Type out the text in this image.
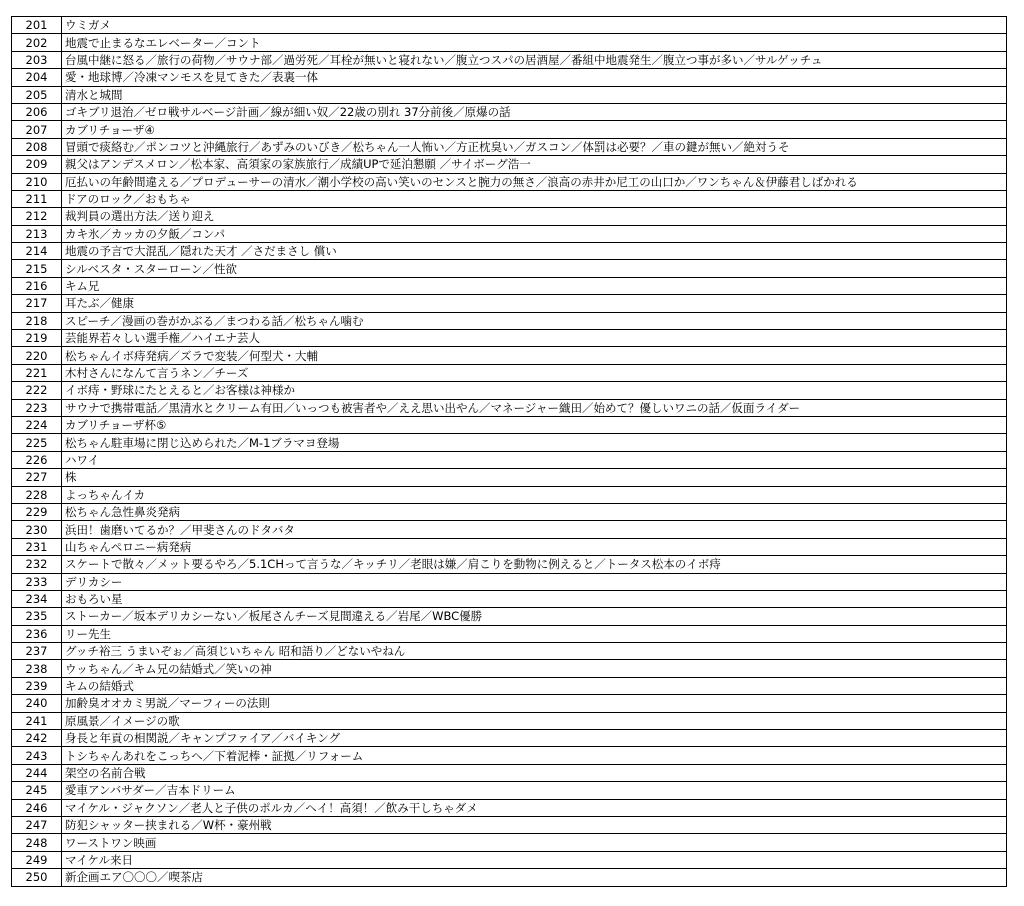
201	ウミガメ
202	地震で止まるなエレベーター／コント
203	台風中継に怒る／旅行の荷物／サウナ部／過労死／耳栓が無いと寝れない／腹立つスパの居酒屋／番組中地震発生／腹立つ事が多い／サルゲッチュ
204	愛・地球博／冷凍マンモスを見てきた／表裏一体
205	清水と城間
206	ゴキブリ退治／ゼロ戦サルベージ計画／線が細い奴／22歳の別れ 37分前後／原爆の話
207	カブリチョーザ④
208	冒頭で痰絡む／ポンコツと沖縄旅行／あずみのいびき／松ちゃん一人怖い／方正枕臭い／ガスコン／体罰は必要？／車の鍵が無い／絶対うそ
209	親父はアンデスメロン／松本家、高須家の家族旅行／成績UPで延泊懇願 ／サイボーグ浩一
210	厄払いの年齢間違える／プロデューサーの清水／潮小学校の高い笑いのセンスと腕力の無さ／浪高の赤井か尼工の山口か／ワンちゃん＆伊藤君しばかれる
211	ドアのロック／おもちゃ
212	裁判員の選出方法／送り迎え
213	カキ氷／カッカの夕飯／コンパ
214	地震の予言で大混乱／隠れた天才 ／さだまさし 償い
215	シルベスタ・スターローン／性欲
216	キム兄
217	耳たぶ／健康
218	スピーチ／漫画の巻がかぶる／まつわる話／松ちゃん噛む
219	芸能界若々しい選手権／ハイエナ芸人
220	松ちゃんイボ痔発病／ズラで変装／何型犬・大輔
221	木村さんになんて言うネン／チーズ
222	イボ痔・野球にたとえると／お客様は神様か
223	サウナで携帯電話／黒清水とクリーム有田／いっつも被害者や／ええ思い出やん／マネージャー織田／始めて？優しいワニの話／仮面ライダー
224	カブリチョーザ杯⑤
225	松ちゃん駐車場に閉じ込められた／M-1ブラマヨ登場
226	ハワイ
227	株
228	よっちゃんイカ
229	松ちゃん急性鼻炎発病
230	浜田！歯磨いてるか？／甲斐さんのドタバタ
231	山ちゃんペロニー病発病
232	スケートで散々／メット要るやろ／5.1CHって言うな／キッチリ／老眼は嫌／肩こりを動物に例えると／トータス松本のイボ痔
233	デリカシー
234	おもろい星
235	ストーカー／坂本デリカシーない／板尾さんチーズ見間違える／岩尾／WBC優勝
236	リー先生
237	グッチ裕三 うまいぞぉ／高須じいちゃん 昭和語り／どないやねん
238	ウッちゃん／キム兄の結婚式／笑いの神
239	キムの結婚式
240	加齢臭オオカミ男説／マーフィーの法則
241	原風景／イメージの歌
242	身長と年貢の相関説／キャンプファイア／バイキング
243	トシちゃんあれをこっちへ／下着泥棒・証拠／リフォーム
244	架空の名前合戦
245	愛車アンバサダー／吉本ドリーム
246	マイケル・ジャクソン／老人と子供のポルカ／ヘイ！高須！／飲み干しちゃダメ
247	防犯シャッター挟まれる／W杯・豪州戦
248	ワーストワン映画
249	マイケル来日
250	新企画エア〇〇〇／喫茶店
